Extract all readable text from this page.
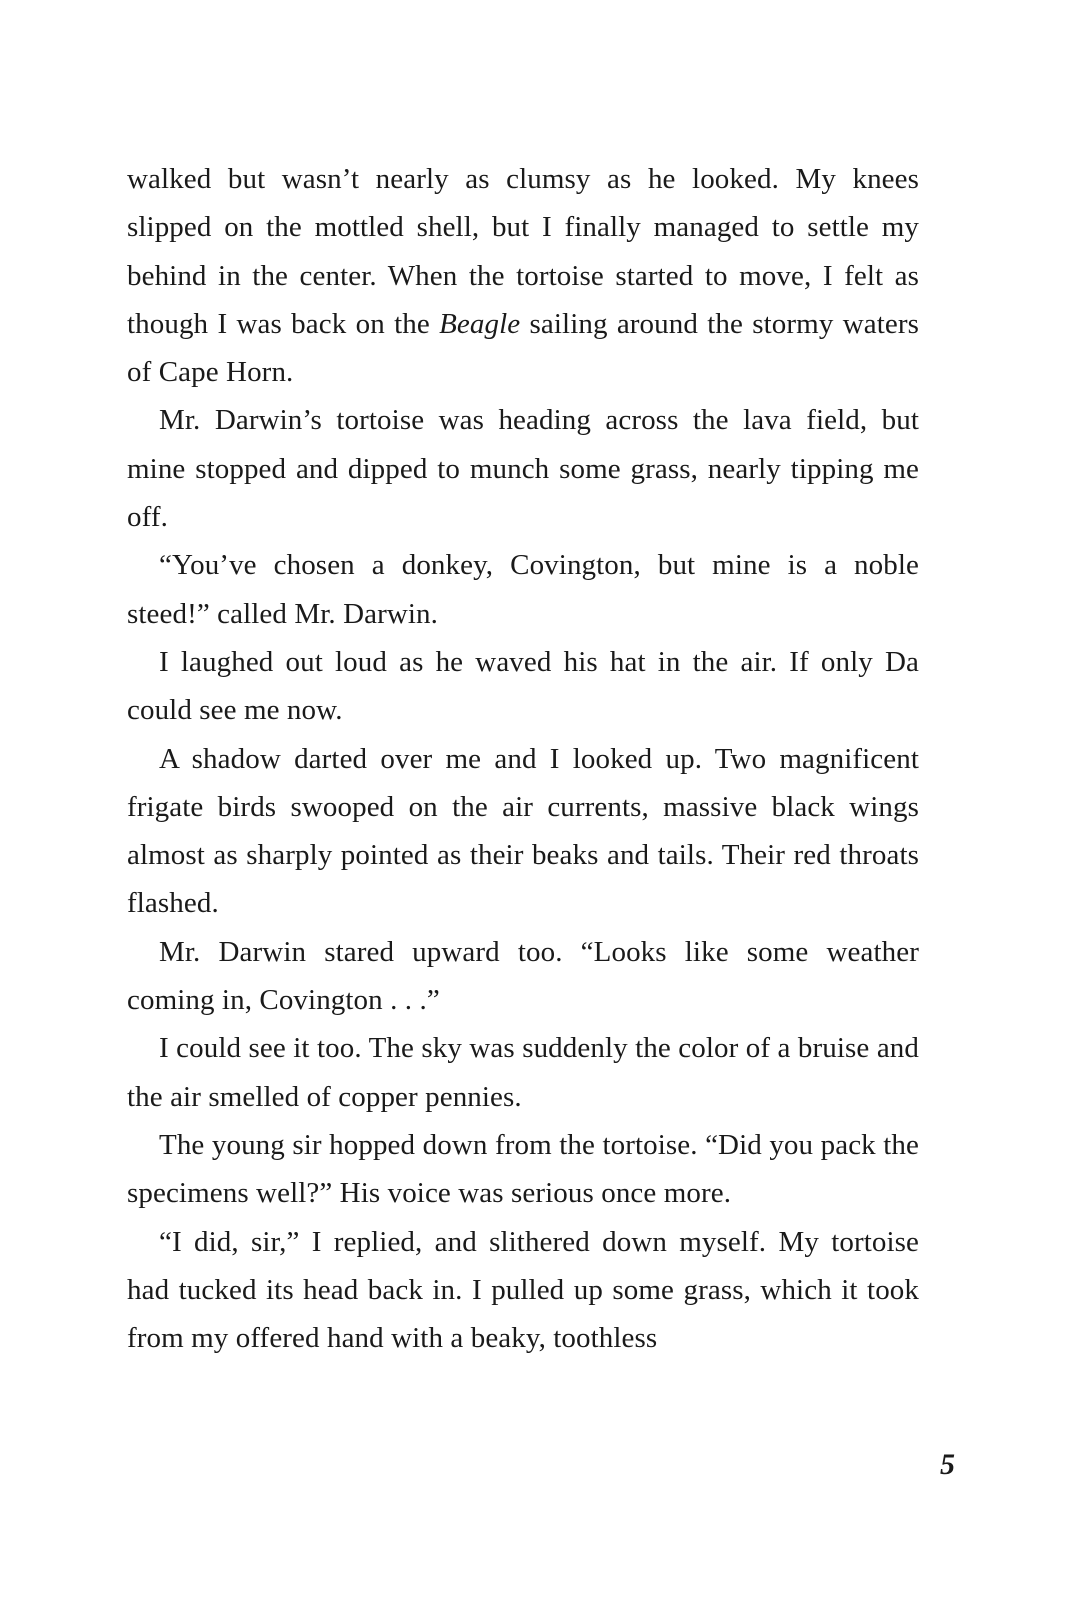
walked but wasn’t nearly as clumsy as he looked. My knees slipped on the mottled shell, but I finally managed to settle my behind in the center. When the tortoise started to move, I felt as though I was back on the Beagle sailing around the stormy waters of Cape Horn.

Mr. Darwin’s tortoise was heading across the lava field, but mine stopped and dipped to munch some grass, nearly tipping me off.

“You’ve chosen a donkey, Covington, but mine is a noble steed!” called Mr. Darwin.

I laughed out loud as he waved his hat in the air. If only Da could see me now.

A shadow darted over me and I looked up. Two magnificent frigate birds swooped on the air currents, massive black wings almost as sharply pointed as their beaks and tails. Their red throats flashed.

Mr. Darwin stared upward too. “Looks like some weather coming in, Covington . . .”

I could see it too. The sky was suddenly the color of a bruise and the air smelled of copper pennies.

The young sir hopped down from the tortoise. “Did you pack the specimens well?” His voice was serious once more.

“I did, sir,” I replied, and slithered down myself. My tortoise had tucked its head back in. I pulled up some grass, which it took from my offered hand with a beaky, toothless

5
